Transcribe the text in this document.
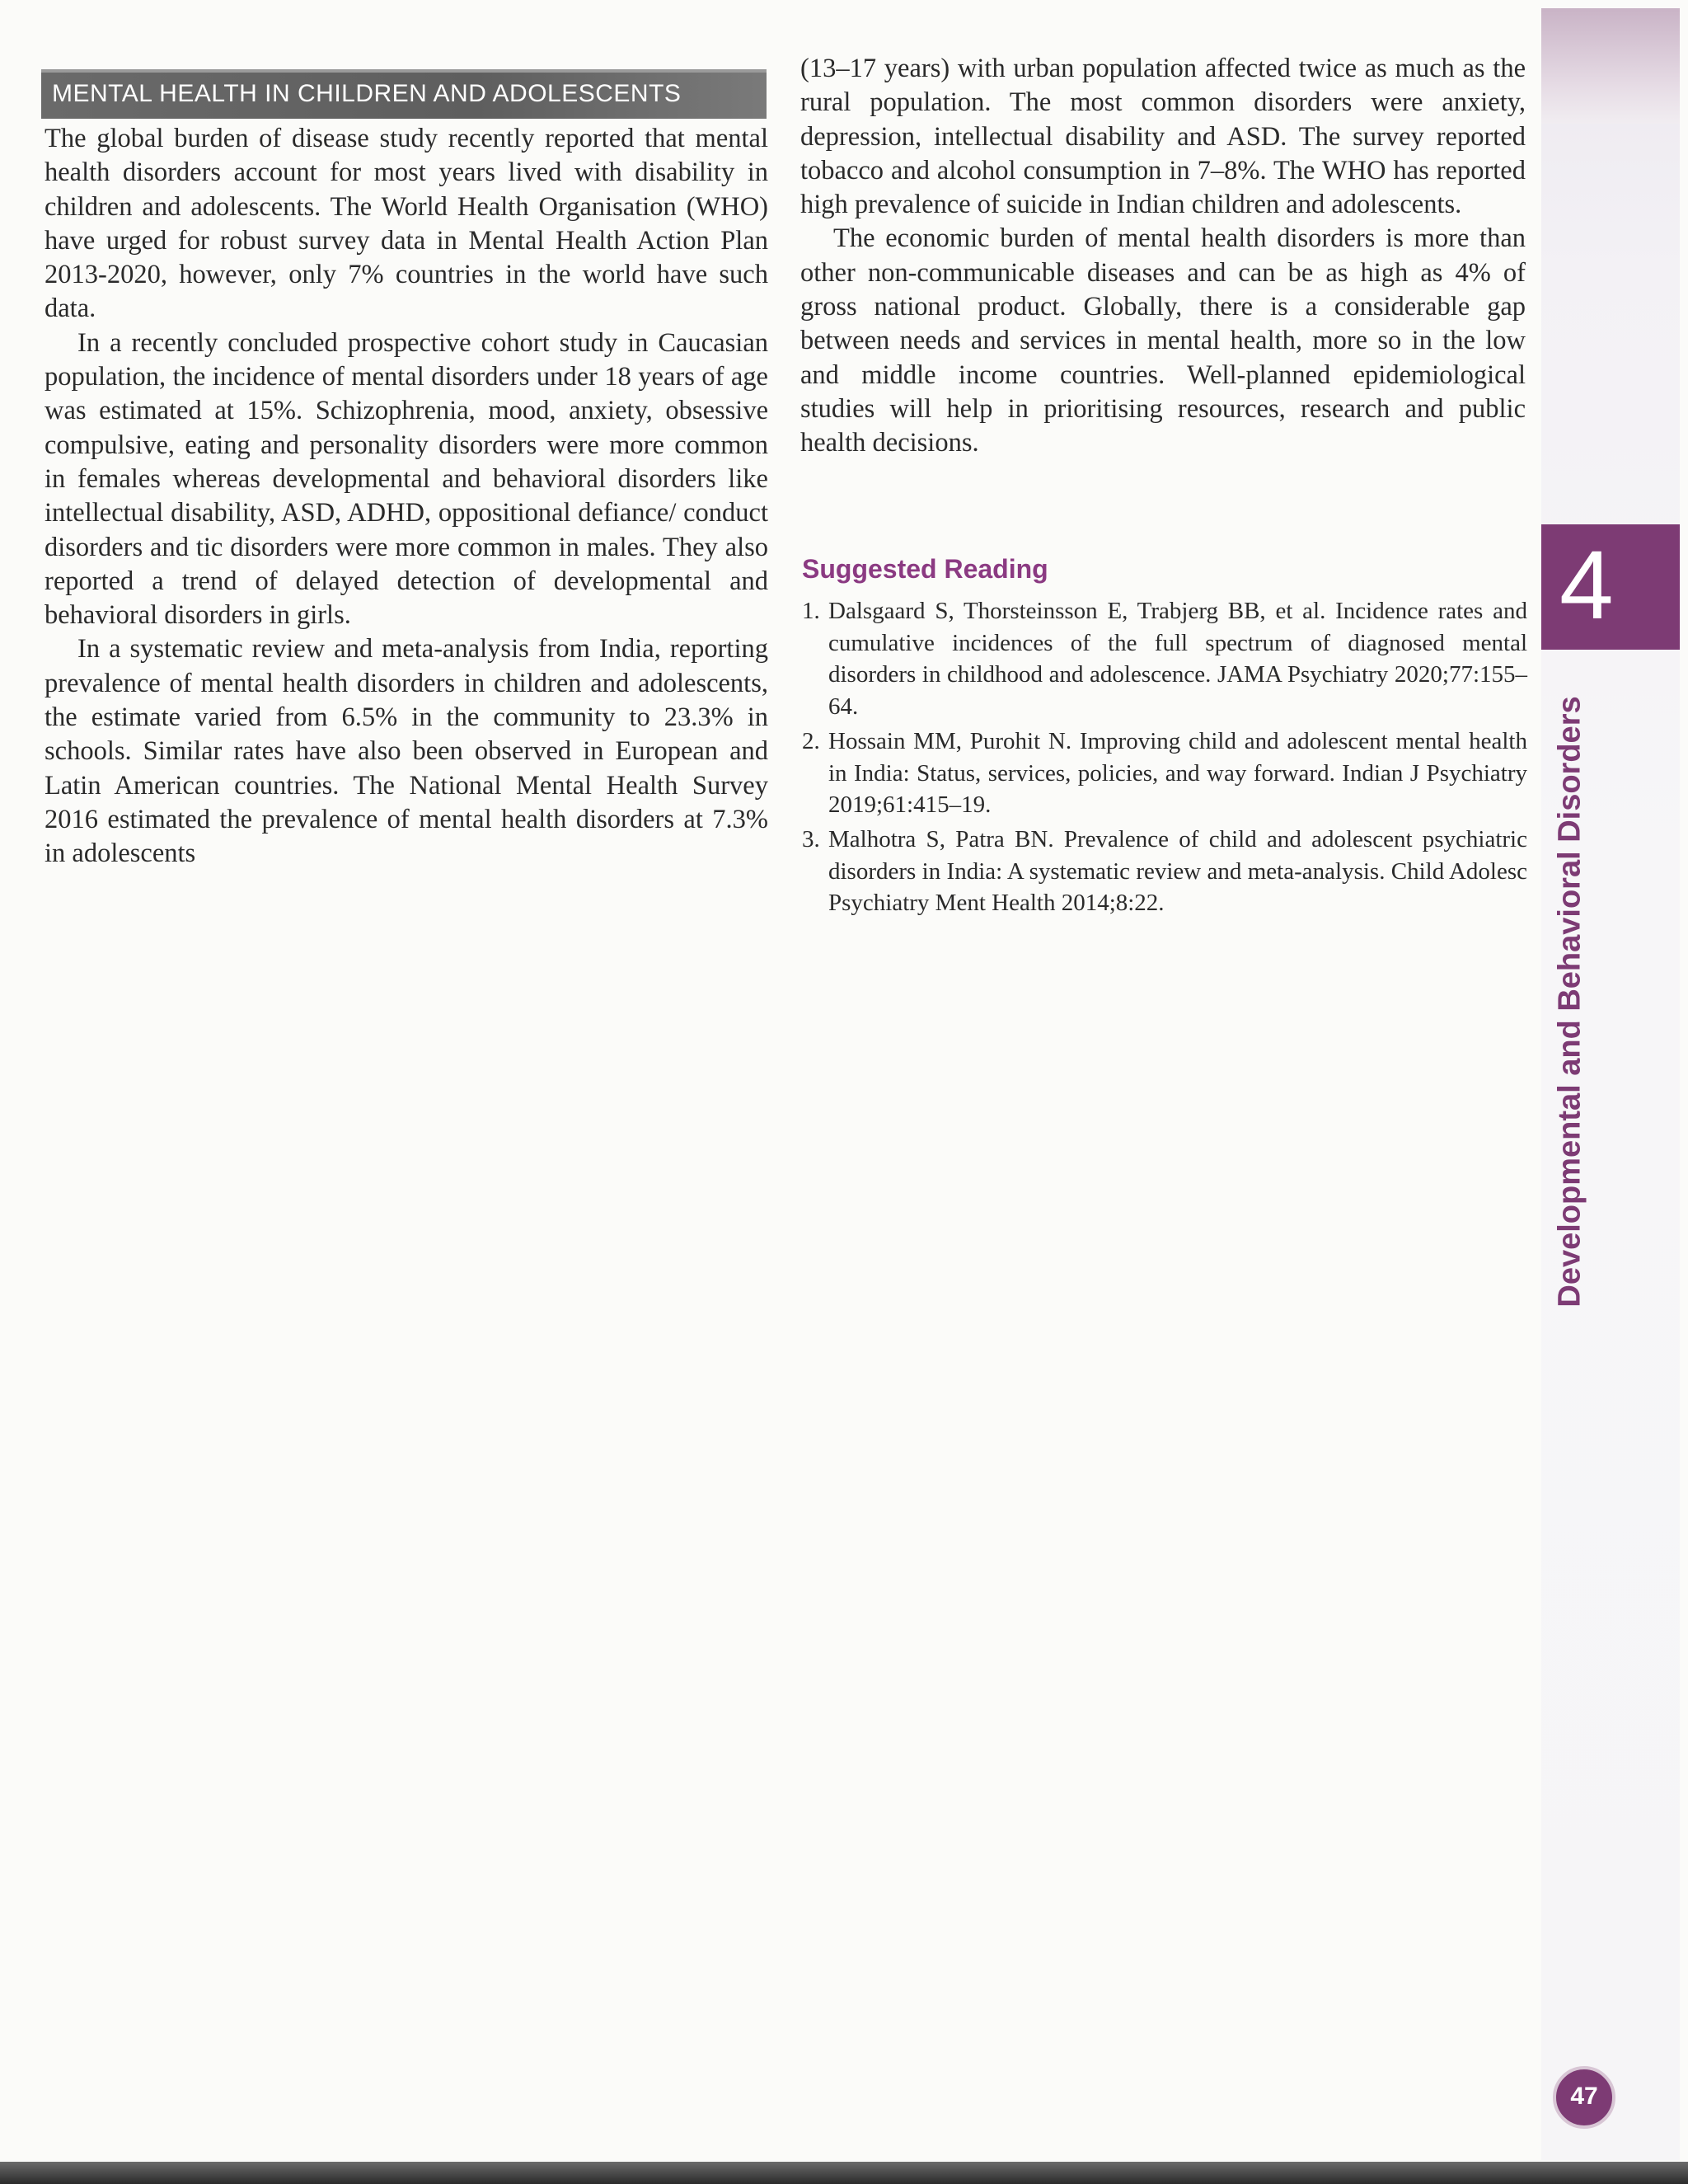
MENTAL HEALTH IN CHILDREN AND ADOLESCENTS

The global burden of disease study recently reported that mental health disorders account for most years lived with disability in children and adolescents. The World Health Organisation (WHO) have urged for robust survey data in Mental Health Action Plan 2013-2020, however, only 7% countries in the world have such data.

In a recently concluded prospective cohort study in Caucasian population, the incidence of mental disorders under 18 years of age was estimated at 15%. Schizophrenia, mood, anxiety, obsessive compulsive, eating and personality disorders were more common in females whereas developmental and behavioral disorders like intellectual disability, ASD, ADHD, oppositional defiance/ conduct disorders and tic disorders were more common in males. They also reported a trend of delayed detection of developmental and behavioral disorders in girls.

In a systematic review and meta-analysis from India, reporting prevalence of mental health disorders in children and adolescents, the estimate varied from 6.5% in the community to 23.3% in schools. Similar rates have also been observed in European and Latin American countries. The National Mental Health Survey 2016 estimated the prevalence of mental health disorders at 7.3% in adolescents

(13–17 years) with urban population affected twice as much as the rural population. The most common disorders were anxiety, depression, intellectual disability and ASD. The survey reported tobacco and alcohol consumption in 7–8%. The WHO has reported high prevalence of suicide in Indian children and adolescents.

The economic burden of mental health disorders is more than other non-communicable diseases and can be as high as 4% of gross national product. Globally, there is a considerable gap between needs and services in mental health, more so in the low and middle income countries. Well-planned epidemiological studies will help in prioritising resources, research and public health decisions.

Suggested Reading
1. Dalsgaard S, Thorsteinsson E, Trabjerg BB, et al. Incidence rates and cumulative incidences of the full spectrum of diagnosed mental disorders in childhood and adolescence. JAMA Psychiatry 2020;77:155–64.
2. Hossain MM, Purohit N. Improving child and adolescent mental health in India: Status, services, policies, and way forward. Indian J Psychiatry 2019;61:415–19.
3. Malhotra S, Patra BN. Prevalence of child and adolescent psychiatric disorders in India: A systematic review and meta-analysis. Child Adolesc Psychiatry Ment Health 2014;8:22.
4
Developmental and Behavioral Disorders
47
